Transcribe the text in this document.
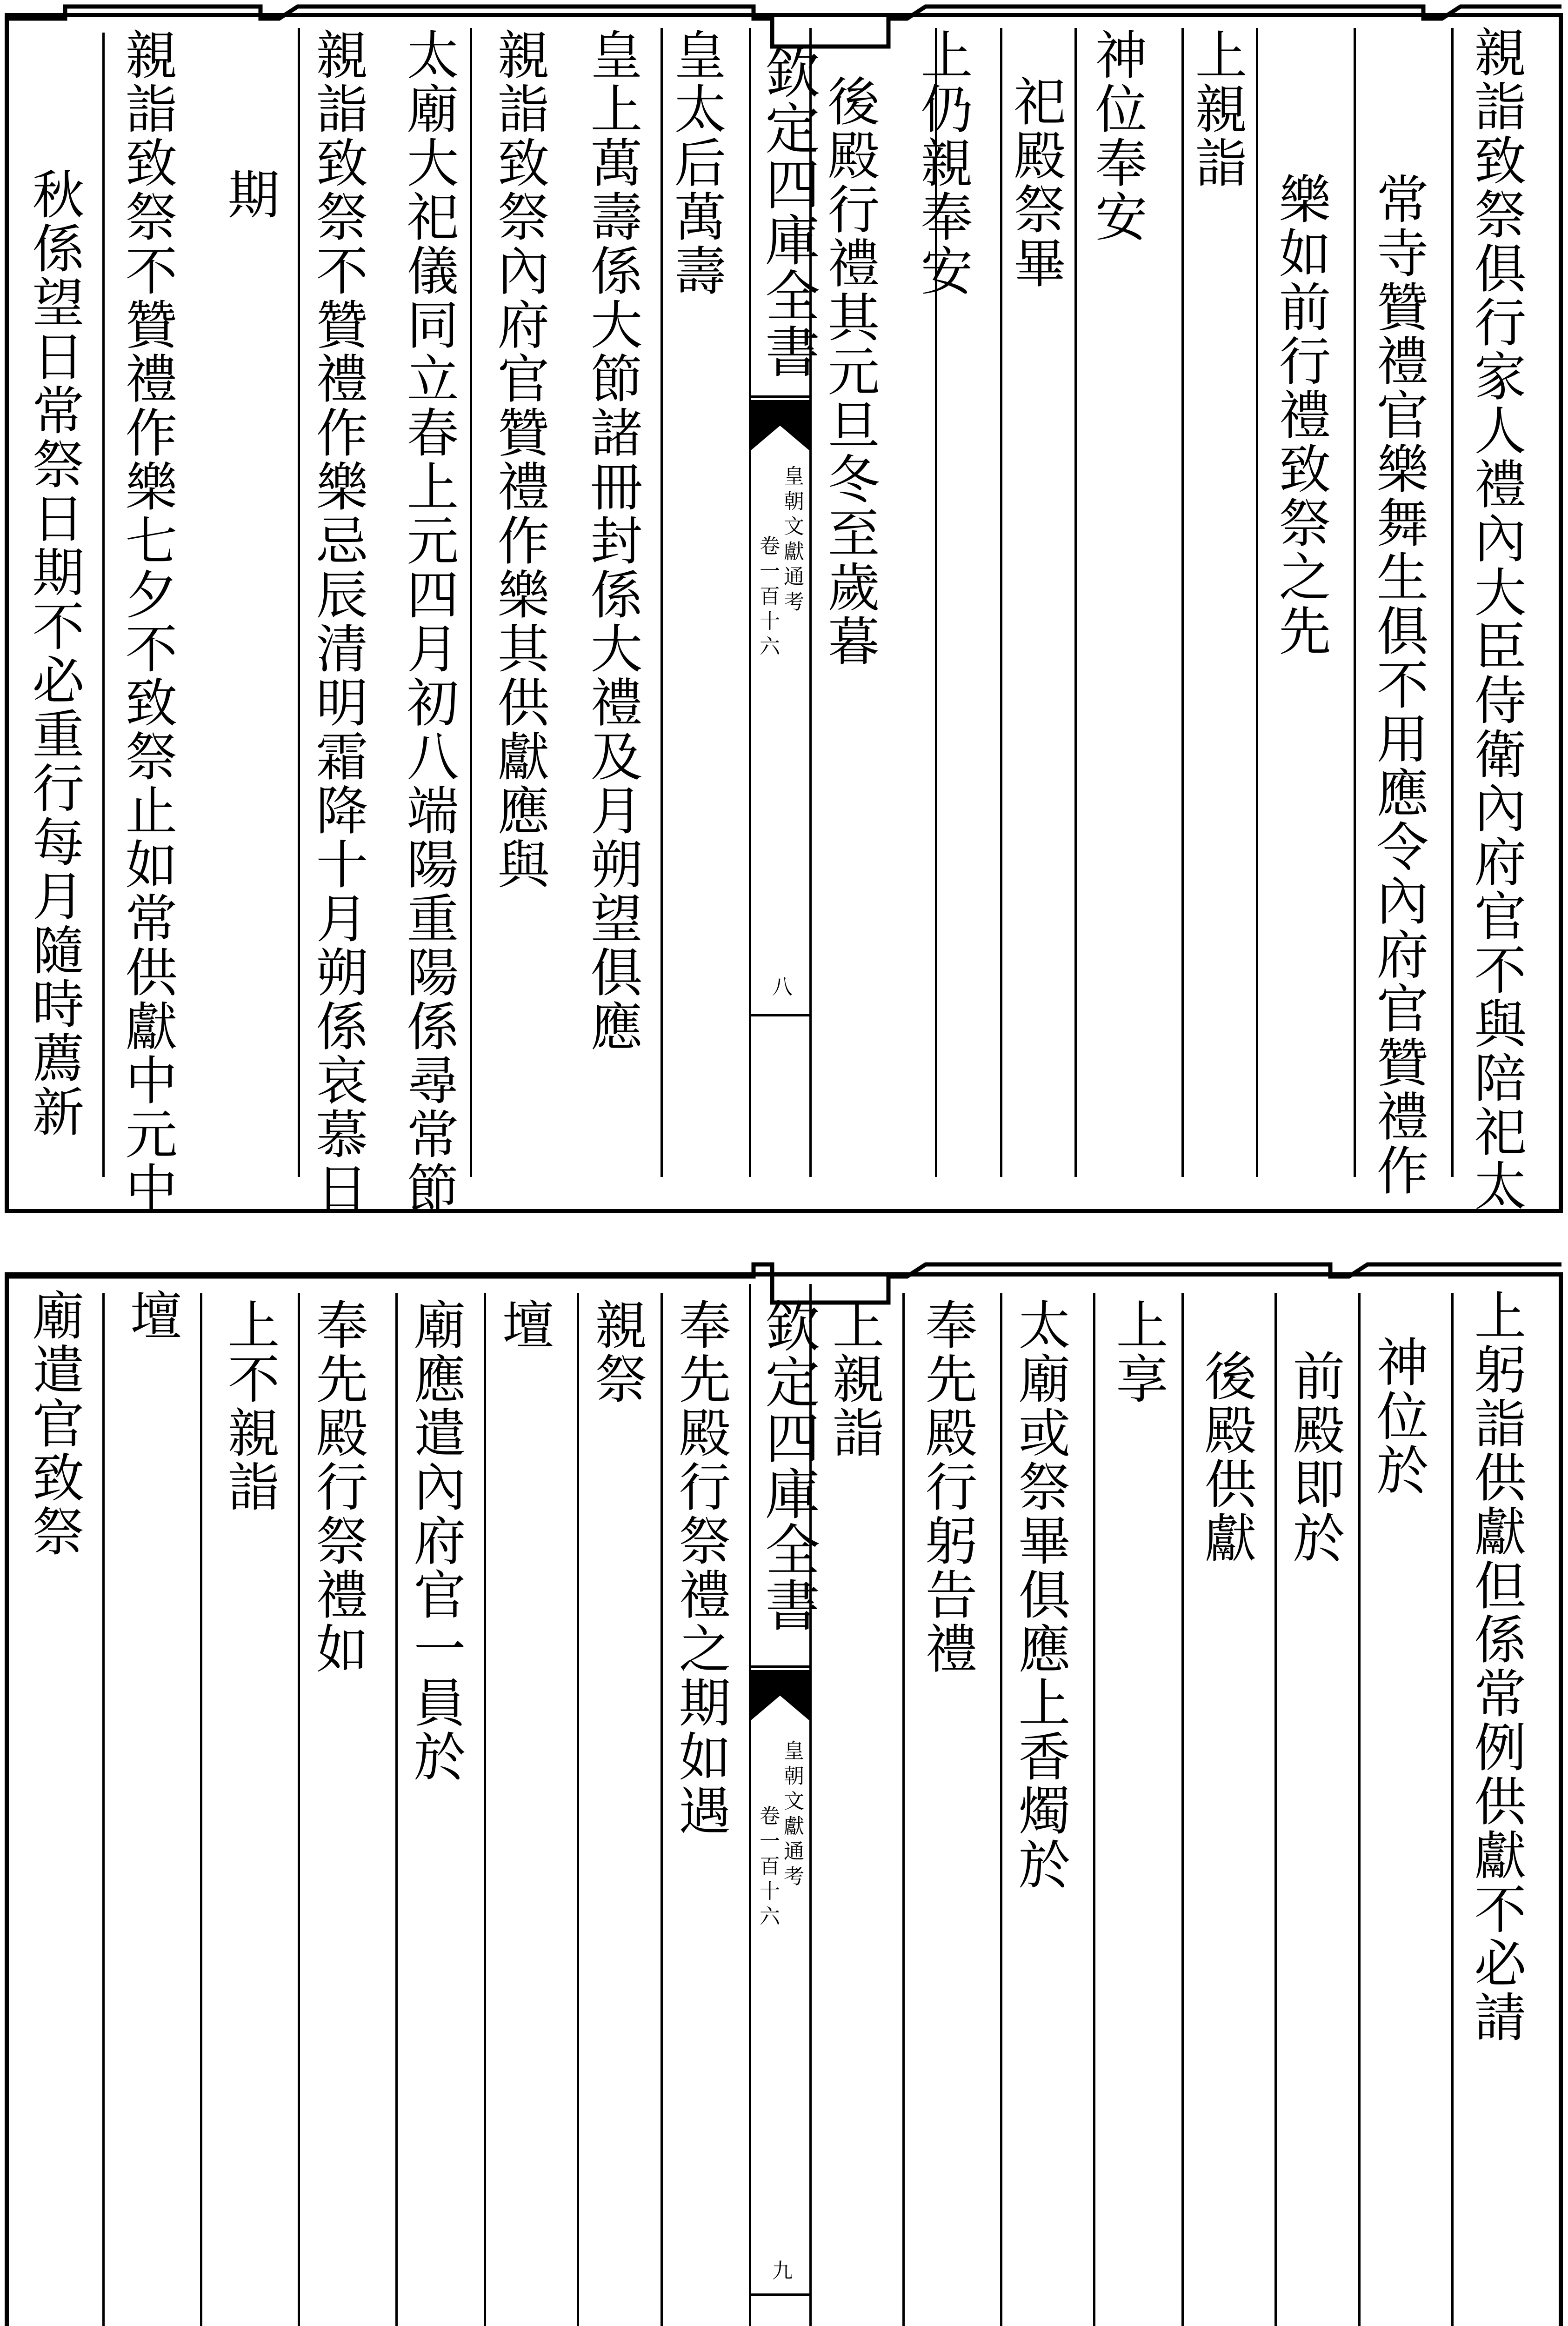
欽定四庫全書
皇朝文獻通考
卷一百十六
八	親詣致祭俱行家人禮內大臣侍衛內府官不與陪祀太
常寺贊禮官樂舞生俱不用應令內府官贊禮作
樂如前行禮致祭之先
上親詣
神位奉安
祀殿祭畢
上仍親奉安
後殿行禮其元旦冬至歲暮
皇太后萬壽
皇上萬壽係大節諸冊封係大禮及月朔望俱應
親詣致祭內府官贊禮作樂其供獻應與
太廟大祀儀同立春上元四月初八端陽重陽係尋常節
親詣致祭不贊禮作樂忌辰清明霜降十月朔係哀慕日
期
親詣致祭不贊禮作樂七夕不致祭止如常供獻中元中
秋係望日常祭日期不必重行每月隨時薦新
欽定四庫全書
皇朝文獻通考
卷一百十六
九
上躬詣供獻但係常例供獻不必請
神位於
前殿即於
後殿供獻
上享
太廟或祭畢俱應上香燭於
奉先殿行躬告禮
上親詣
奉先殿行祭禮之期如遇
親祭
壇
廟應遣內府官一員於
奉先殿行祭禮如
上不親詣
壇
廟遣官致祭
